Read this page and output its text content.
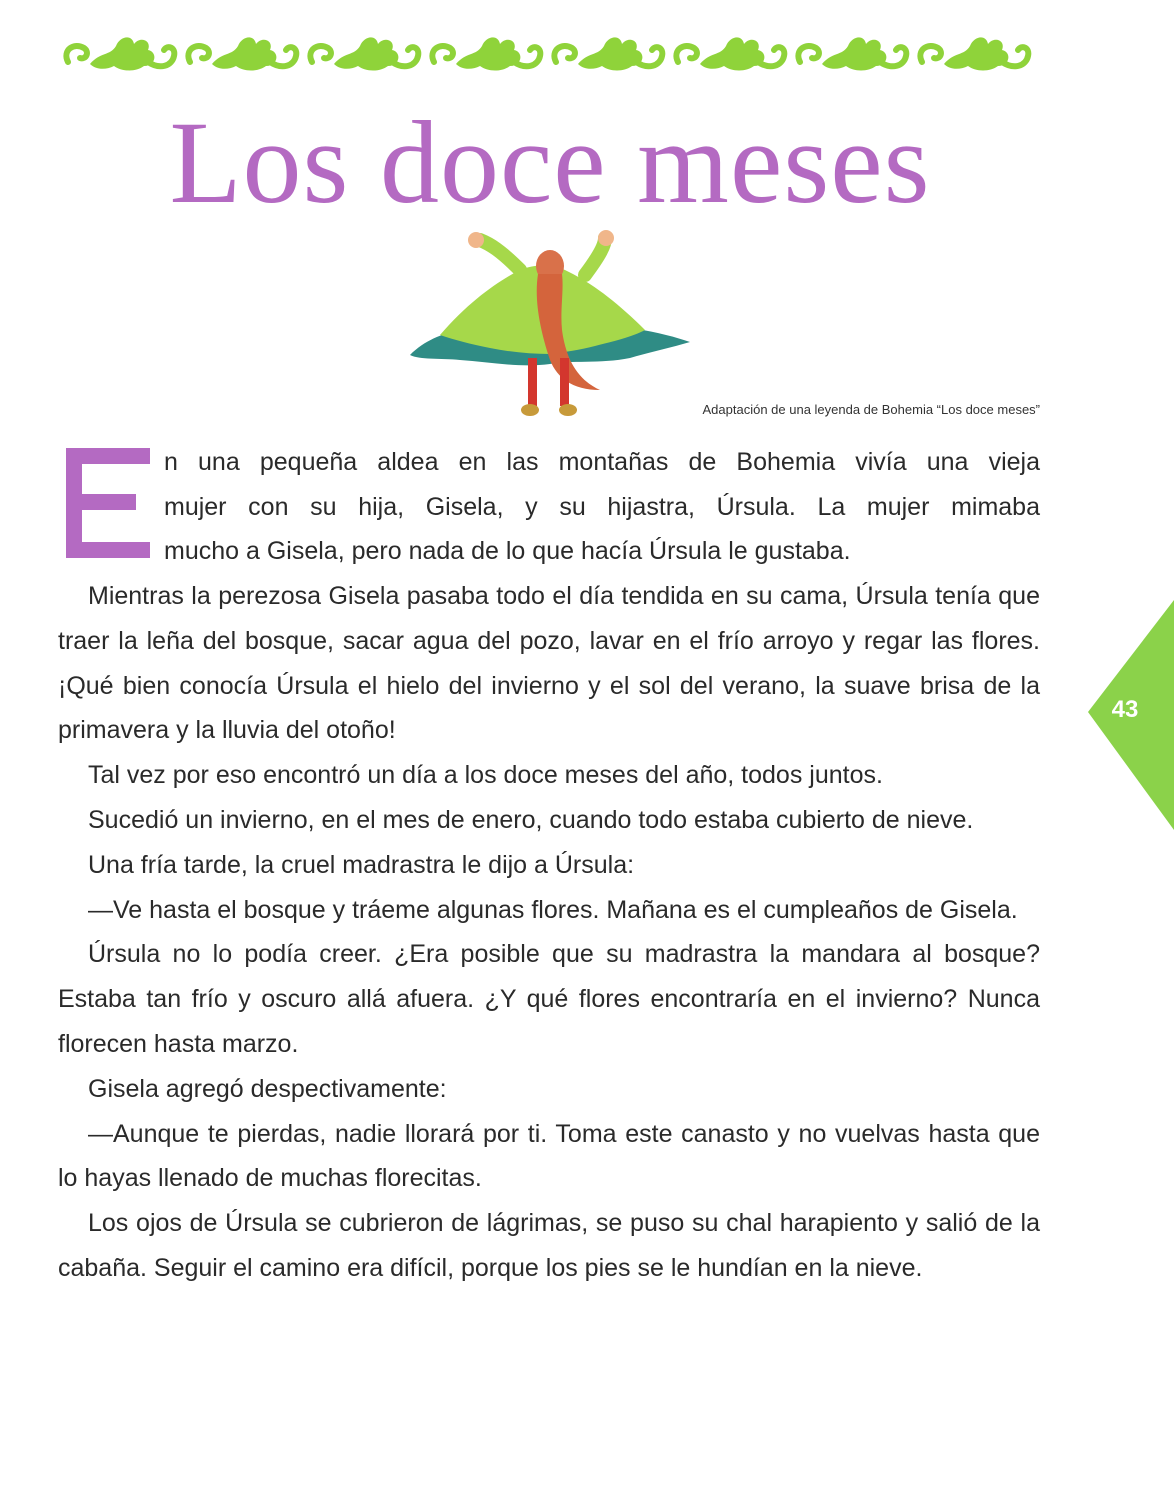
Los doce meses
Adaptación de una leyenda de Bohemia “Los doce meses”

n una pequeña aldea en las montañas de Bohemia vivía una vieja
mujer con su hija, Gisela, y su hijastra, Úrsula. La mujer mimaba
mucho a Gisela, pero nada de lo que hacía Úrsula le gustaba.

Mientras la perezosa Gisela pasaba todo el día tendida en su cama, Úrsula tenía que traer la leña del bosque, sacar agua del pozo, lavar en el frío arroyo y regar las flores. ¡Qué bien conocía Úrsula el hielo del invierno y el sol del verano, la suave brisa de la primavera y la lluvia del otoño!

Tal vez por eso encontró un día a los doce meses del año, todos juntos.

Sucedió un invierno, en el mes de enero, cuando todo estaba cubierto de nieve.

Una fría tarde, la cruel madrastra le dijo a Úrsula:

—Ve hasta el bosque y tráeme algunas flores. Mañana es el cumpleaños de Gisela.

Úrsula no lo podía creer. ¿Era posible que su madrastra la mandara al bosque? Estaba tan frío y oscuro allá afuera. ¿Y qué flores encontraría en el invierno? Nunca florecen hasta marzo.

Gisela agregó despectivamente:

—Aunque te pierdas, nadie llorará por ti. Toma este canasto y no vuelvas hasta que lo hayas llenado de muchas florecitas.

Los ojos de Úrsula se cubrieron de lágrimas, se puso su chal harapiento y salió de la cabaña. Seguir el camino era difícil, porque los pies se le hundían en la nieve.

43
